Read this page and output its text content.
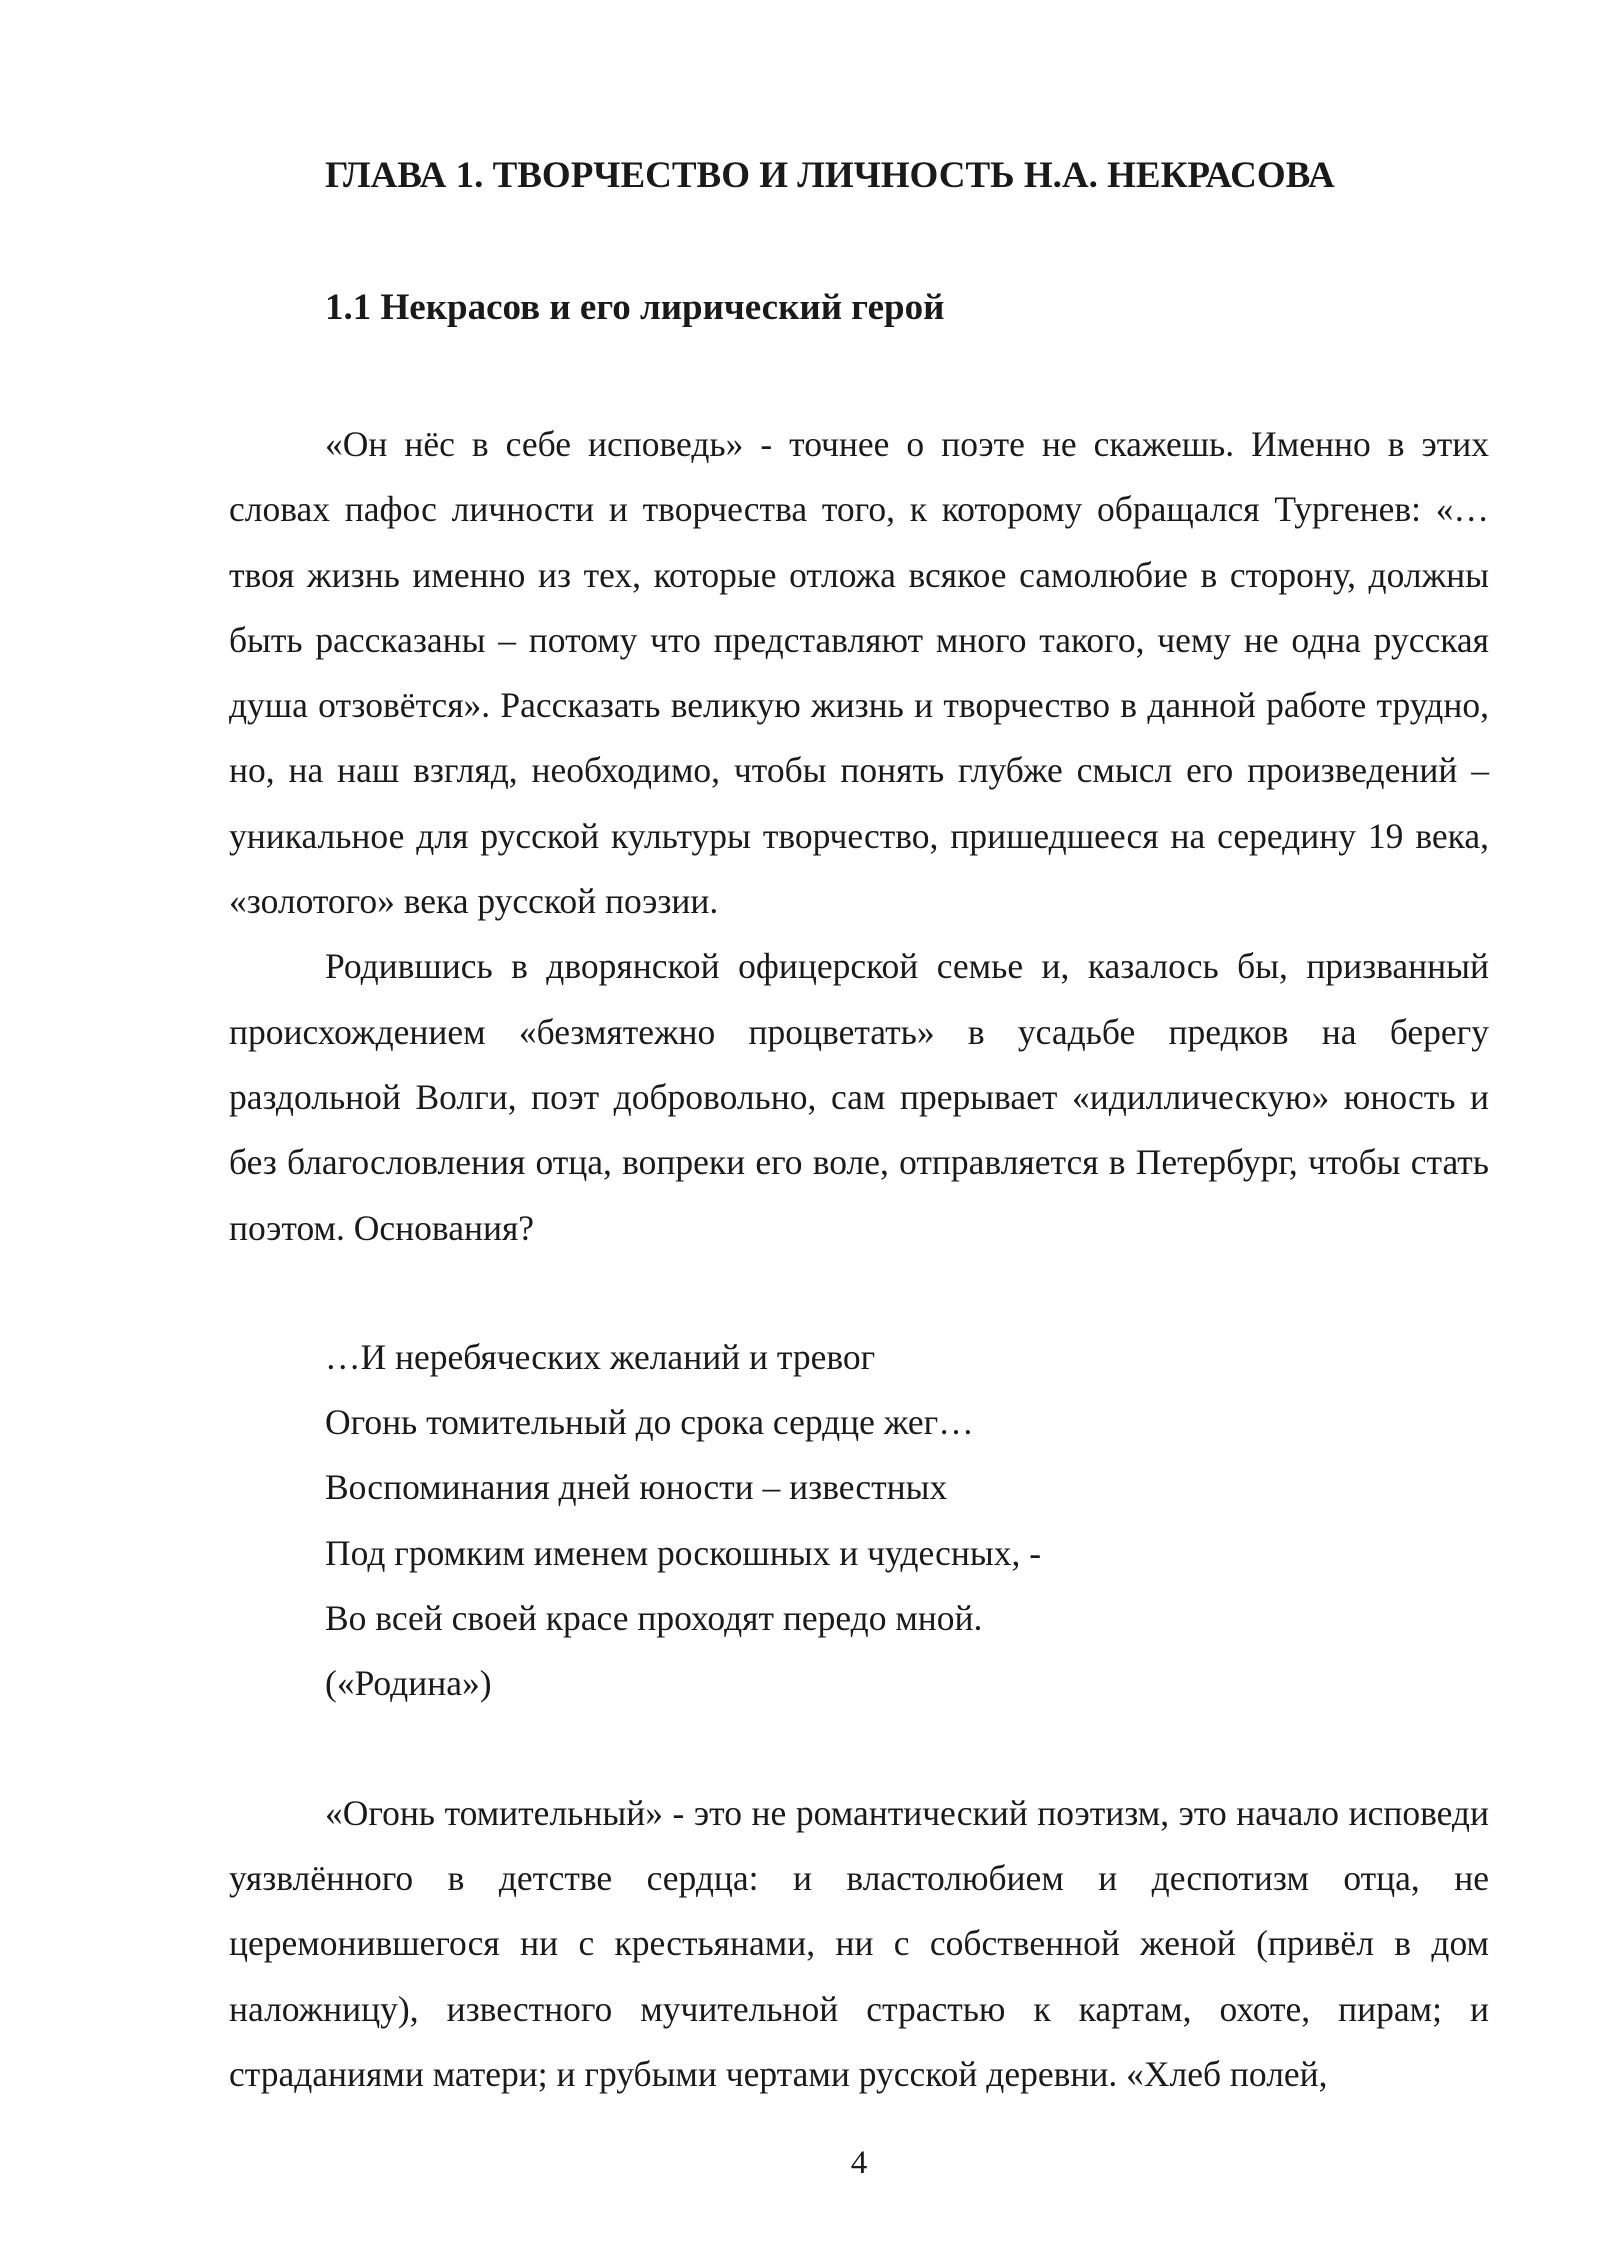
ГЛАВА 1. ТВОРЧЕСТВО И ЛИЧНОСТЬ Н.А. НЕКРАСОВА
1.1 Некрасов и его лирический герой

«Он нёс в себе исповедь» - точнее о поэте не скажешь. Именно в этих словах пафос личности и творчества того, к которому обращался Тургенев: «…твоя жизнь именно из тех, которые отложа всякое самолюбие в сторону, должны быть рассказаны – потому что представляют много такого, чему не одна русская душа отзовётся». Рассказать великую жизнь и творчество в данной работе трудно, но, на наш взгляд, необходимо, чтобы понять глубже смысл его произведений – уникальное для русской культуры творчество, пришедшееся на середину 19 века, «золотого» века русской поэзии.

Родившись в дворянской офицерской семье и, казалось бы, призванный происхождением «безмятежно процветать» в усадьбе предков на берегу раздольной Волги, поэт добровольно, сам прерывает «идиллическую» юность и без благословления отца, вопреки его воле, отправляется в Петербург, чтобы стать поэтом. Основания?

…И неребяческих желаний и тревог
Огонь томительный до срока сердце жег…
Воспоминания дней юности – известных
Под громким именем роскошных и чудесных, -
Во всей своей красе проходят передо мной.
(«Родина»)

«Огонь томительный» - это не романтический поэтизм, это начало исповеди уязвлённого в детстве сердца: и властолюбием и деспотизм отца, не церемонившегося ни с крестьянами, ни с собственной женой (привёл в дом наложницу), известного мучительной страстью к картам, охоте, пирам; и страданиями матери; и грубыми чертами русской деревни. «Хлеб полей,

4
